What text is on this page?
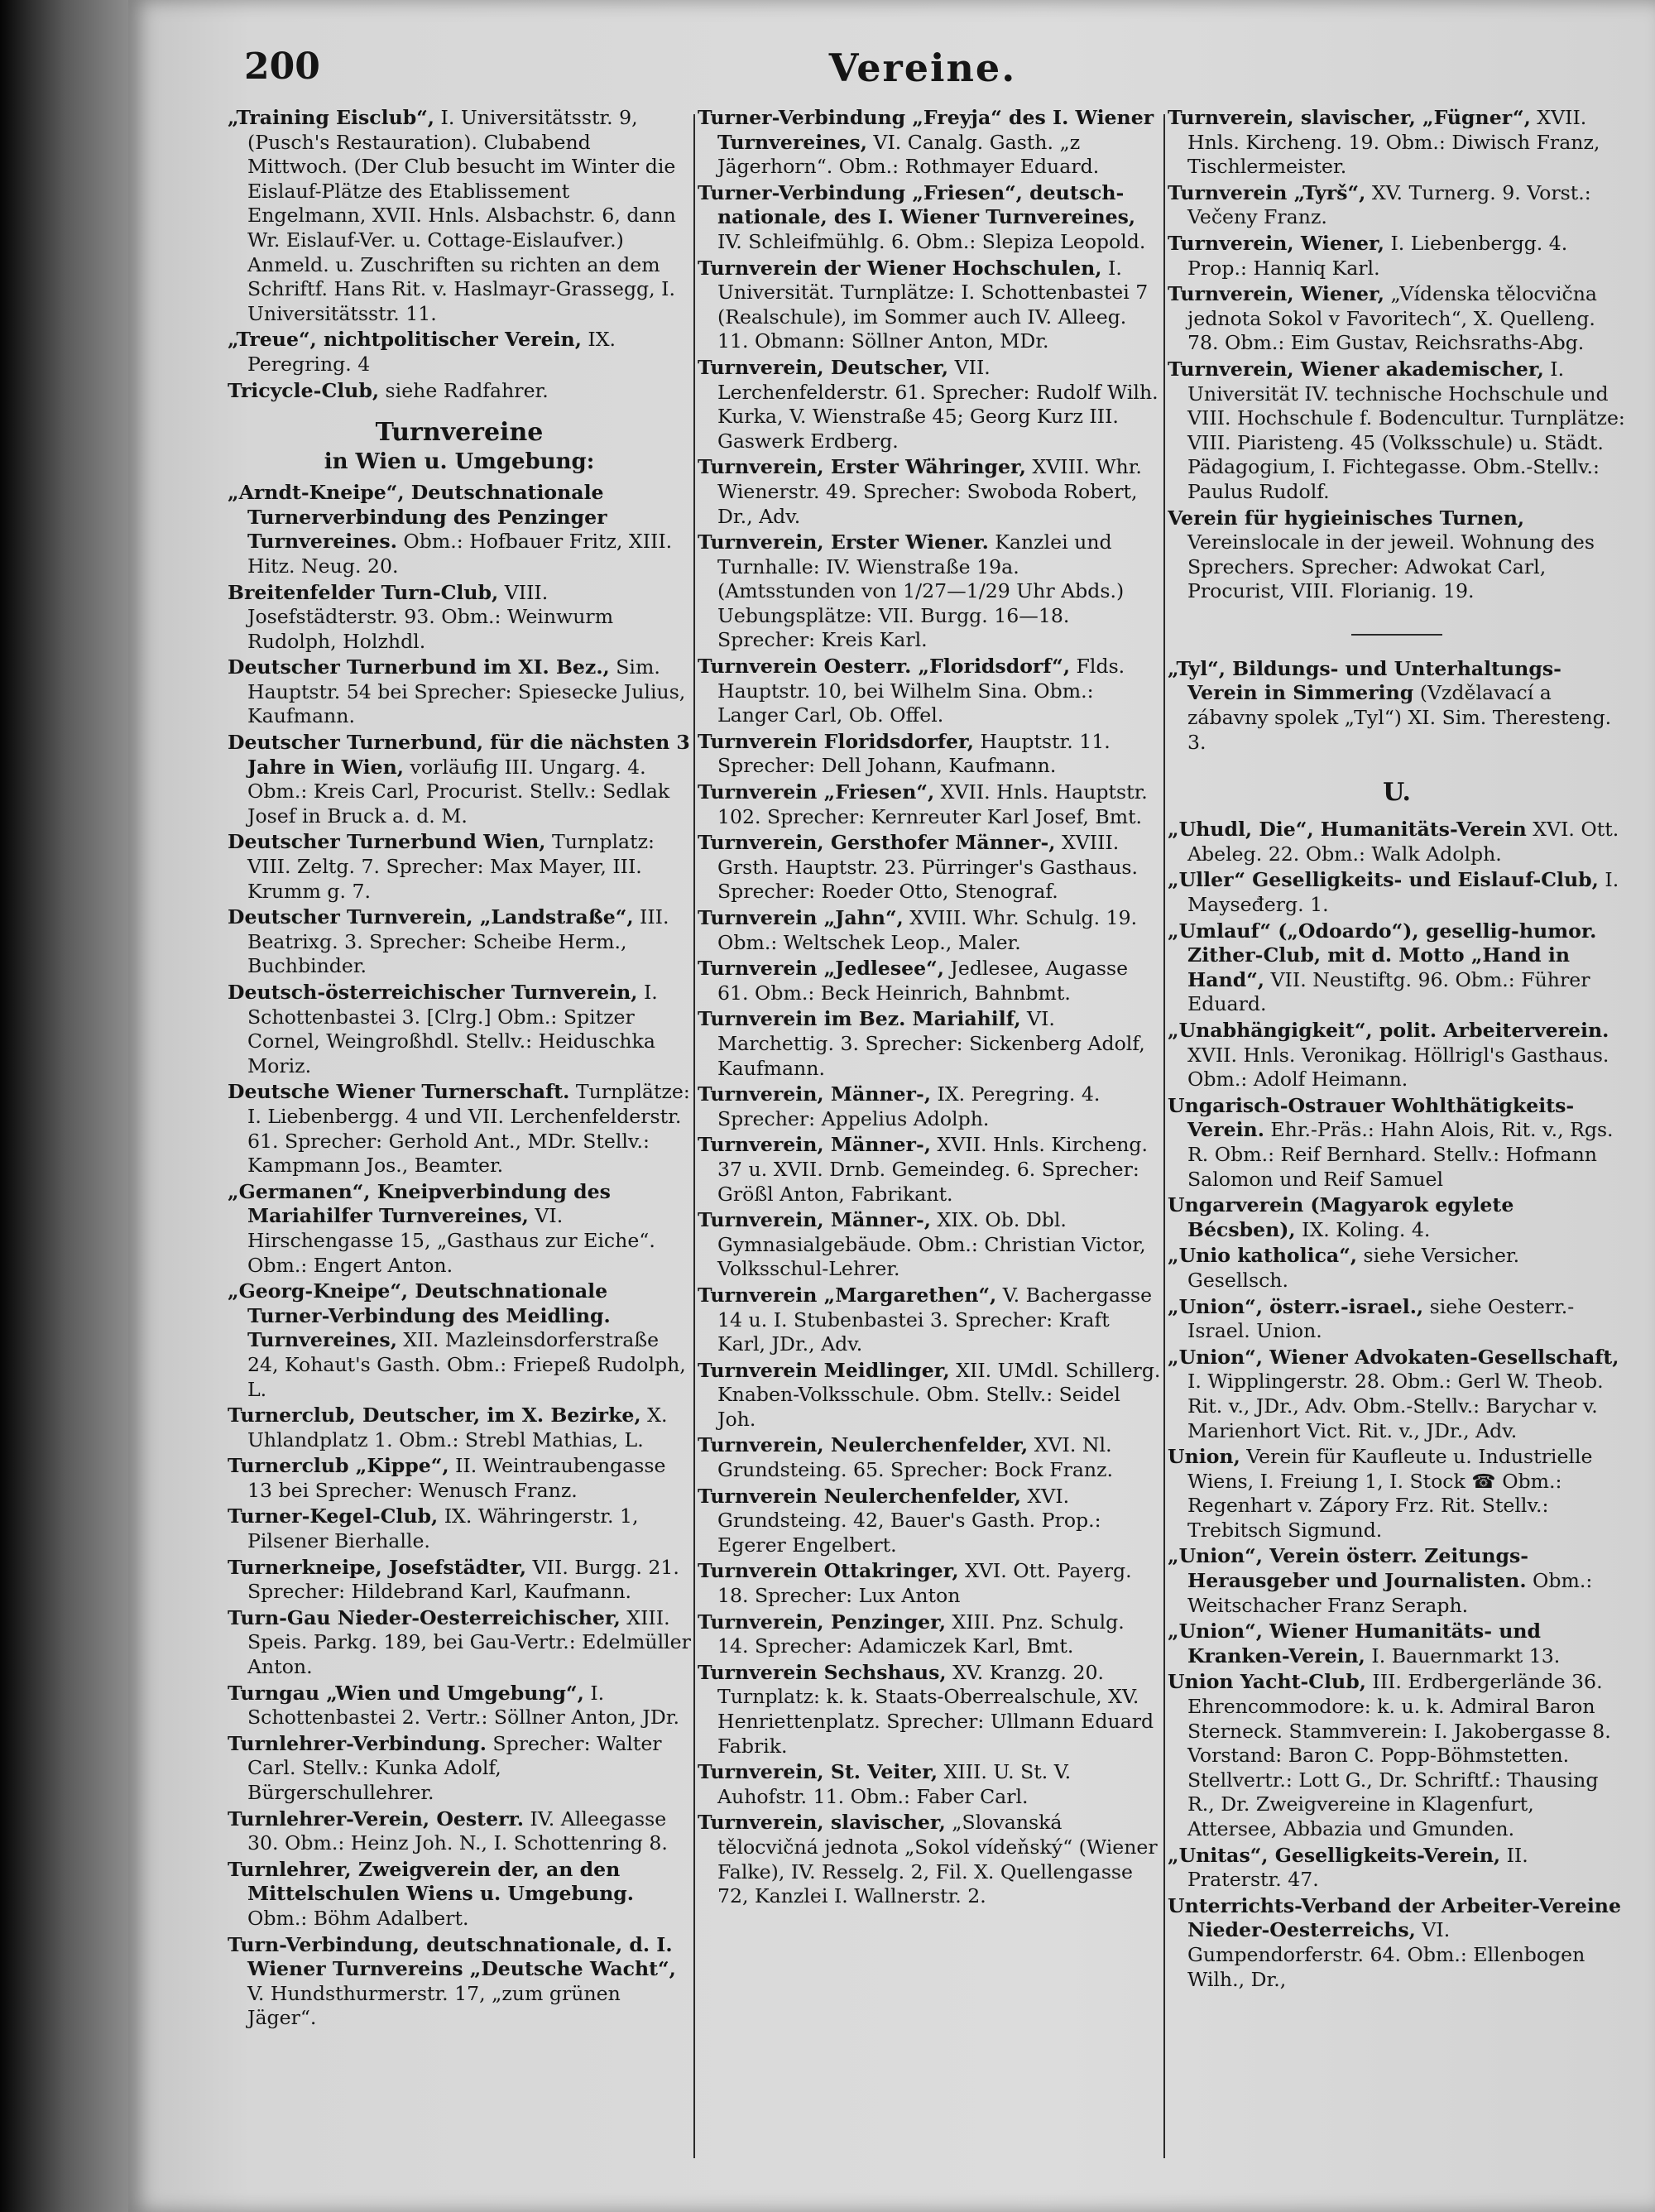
200	Vereine.
„Training Eisclub“, I. Universitätsstr. 9, (Pusch's Restauration). Clubabend Mittwoch. (Der Club besucht im Winter die Eislauf-Plätze des Etablissement Engelmann, XVII. Hnls. Alsbachstr. 6, dann Wr. Eislauf-Ver. u. Cottage-Eislaufver.) Anmeld. u. Zuschriften su richten an dem Schriftf. Hans Rit. v. Haslmayr-Grassegg, I. Universitätsstr. 11.
„Treue“, nichtpolitischer Verein, IX. Peregring. 4
Tricycle-Club, siehe Radfahrer.
Turnvereine
in Wien u. Umgebung:
„Arndt-Kneipe“, Deutschnationale Turnerverbindung des Penzinger Turnvereines. Obm.: Hofbauer Fritz, XIII. Hitz. Neug. 20.
Breitenfelder Turn-Club, VIII. Josefstädterstr. 93. Obm.: Weinwurm Rudolph, Holzhdl.
Deutscher Turnerbund im XI. Bez., Sim. Hauptstr. 54 bei Sprecher: Spiesecke Julius, Kaufmann.
Deutscher Turnerbund, für die nächsten 3 Jahre in Wien, vorläufig III. Ungarg. 4. Obm.: Kreis Carl, Procurist. Stellv.: Sedlak Josef in Bruck a. d. M.
Deutscher Turnerbund Wien, Turnplatz: VIII. Zeltg. 7. Sprecher: Max Mayer, III. Krumm g. 7.
Deutscher Turnverein, „Landstraße“, III. Beatrixg. 3. Sprecher: Scheibe Herm., Buchbinder.
Deutsch-österreichischer Turnverein, I. Schottenbastei 3. [Clrg.] Obm.: Spitzer Cornel, Weingroßhdl. Stellv.: Heiduschka Moriz.
Deutsche Wiener Turnerschaft. Turnplätze: I. Liebenbergg. 4 und VII. Lerchenfelderstr. 61. Sprecher: Gerhold Ant., MDr. Stellv.: Kampmann Jos., Beamter.
„Germanen“, Kneipverbindung des Mariahilfer Turnvereines, VI. Hirschengasse 15, „Gasthaus zur Eiche“. Obm.: Engert Anton.
„Georg-Kneipe“, Deutschnationale Turner-Verbindung des Meidling. Turnvereines, XII. Mazleinsdorferstraße 24, Kohaut's Gasth. Obm.: Friepeß Rudolph, L.
Turnerclub, Deutscher, im X. Bezirke, X. Uhlandplatz 1. Obm.: Strebl Mathias, L.
Turnerclub „Kippe“, II. Weintraubengasse 13 bei Sprecher: Wenusch Franz.
Turner-Kegel-Club, IX. Währingerstr. 1, Pilsener Bierhalle.
Turnerkneipe, Josefstädter, VII. Burgg. 21. Sprecher: Hildebrand Karl, Kaufmann.
Turn-Gau Nieder-Oesterreichischer, XIII. Speis. Parkg. 189, bei Gau-Vertr.: Edelmüller Anton.
Turngau „Wien und Umgebung“, I. Schottenbastei 2. Vertr.: Söllner Anton, JDr.
Turnlehrer-Verbindung. Sprecher: Walter Carl. Stellv.: Kunka Adolf, Bürgerschullehrer.
Turnlehrer-Verein, Oesterr. IV. Alleegasse 30. Obm.: Heinz Joh. N., I. Schottenring 8.
Turnlehrer, Zweigverein der, an den Mittelschulen Wiens u. Umgebung. Obm.: Böhm Adalbert.
Turn-Verbindung, deutschnationale, d. I. Wiener Turnvereins „Deutsche Wacht“, V. Hundsthurmerstr. 17, „zum grünen Jäger“.
Turner-Verbindung „Freyja“ des I. Wiener Turnvereines, VI. Canalg. Gasth. „z Jägerhorn“. Obm.: Rothmayer Eduard.
Turner-Verbindung „Friesen“, deutsch-nationale, des I. Wiener Turnvereines, IV. Schleifmühlg. 6. Obm.: Slepiza Leopold.
Turnverein der Wiener Hochschulen, I. Universität. Turnplätze: I. Schottenbastei 7 (Realschule), im Sommer auch IV. Alleeg. 11. Obmann: Söllner Anton, MDr.
Turnverein, Deutscher, VII. Lerchenfelderstr. 61. Sprecher: Rudolf Wilh. Kurka, V. Wienstraße 45; Georg Kurz III. Gaswerk Erdberg.
Turnverein, Erster Währinger, XVIII. Whr. Wienerstr. 49. Sprecher: Swoboda Robert, Dr., Adv.
Turnverein, Erster Wiener. Kanzlei und Turnhalle: IV. Wienstraße 19a. (Amtsstunden von 1/27—1/29 Uhr Abds.) Uebungsplätze: VII. Burgg. 16—18. Sprecher: Kreis Karl.
Turnverein Oesterr. „Floridsdorf“, Flds. Hauptstr. 10, bei Wilhelm Sina. Obm.: Langer Carl, Ob. Offel.
Turnverein Floridsdorfer, Hauptstr. 11. Sprecher: Dell Johann, Kaufmann.
Turnverein „Friesen“, XVII. Hnls. Hauptstr. 102. Sprecher: Kernreuter Karl Josef, Bmt.
Turnverein, Gersthofer Männer-, XVIII. Grsth. Hauptstr. 23. Pürringer's Gasthaus. Sprecher: Roeder Otto, Stenograf.
Turnverein „Jahn“, XVIII. Whr. Schulg. 19. Obm.: Weltschek Leop., Maler.
Turnverein „Jedlesee“, Jedlesee, Augasse 61. Obm.: Beck Heinrich, Bahnbmt.
Turnverein im Bez. Mariahilf, VI. Marchettig. 3. Sprecher: Sickenberg Adolf, Kaufmann.
Turnverein, Männer-, IX. Peregring. 4. Sprecher: Appelius Adolph.
Turnverein, Männer-, XVII. Hnls. Kircheng. 37 u. XVII. Drnb. Gemeindeg. 6. Sprecher: Größl Anton, Fabrikant.
Turnverein, Männer-, XIX. Ob. Dbl. Gymnasialgebäude. Obm.: Christian Victor, Volksschul-Lehrer.
Turnverein „Margarethen“, V. Bachergasse 14 u. I. Stubenbastei 3. Sprecher: Kraft Karl, JDr., Adv.
Turnverein Meidlinger, XII. UMdl. Schillerg. Knaben-Volksschule. Obm. Stellv.: Seidel Joh.
Turnverein, Neulerchenfelder, XVI. Nl. Grundsteing. 65. Sprecher: Bock Franz.
Turnverein Neulerchenfelder, XVI. Grundsteing. 42, Bauer's Gasth. Prop.: Egerer Engelbert.
Turnverein Ottakringer, XVI. Ott. Payerg. 18. Sprecher: Lux Anton
Turnverein, Penzinger, XIII. Pnz. Schulg. 14. Sprecher: Adamiczek Karl, Bmt.
Turnverein Sechshaus, XV. Kranzg. 20. Turnplatz: k. k. Staats-Oberrealschule, XV. Henriettenplatz. Sprecher: Ullmann Eduard Fabrik.
Turnverein, St. Veiter, XIII. U. St. V. Auhofstr. 11. Obm.: Faber Carl.
Turnverein, slavischer, „Slovanská tělocvičná jednota „Sokol vídeňský“ (Wiener Falke), IV. Resselg. 2, Fil. X. Quellengasse 72, Kanzlei I. Wallnerstr. 2.
Turnverein, slavischer, „Fügner“, XVII. Hnls. Kircheng. 19. Obm.: Diwisch Franz, Tischlermeister.
Turnverein „Tyrš“, XV. Turnerg. 9. Vorst.: Večeny Franz.
Turnverein, Wiener, I. Liebenbergg. 4. Prop.: Hanniq Karl.
Turnverein, Wiener, „Vídenska tělocvična jednota Sokol v Favoritech“, X. Quelleng. 78. Obm.: Eim Gustav, Reichsraths-Abg.
Turnverein, Wiener akademischer, I. Universität IV. technische Hochschule und VIII. Hochschule f. Bodencultur. Turnplätze: VIII. Piaristeng. 45 (Volksschule) u. Städt. Pädagogium, I. Fichtegasse. Obm.-Stellv.: Paulus Rudolf.
Verein für hygieinisches Turnen, Vereinslocale in der jeweil. Wohnung des Sprechers. Sprecher: Adwokat Carl, Procurist, VIII. Florianig. 19.
„Tyl“, Bildungs- und Unterhaltungs-Verein in Simmering (Vzdělavací a zábavny spolek „Tyl“) XI. Sim. Theresteng. 3.
U.
„Uhudl, Die“, Humanitäts-Verein XVI. Ott. Abeleg. 22. Obm.: Walk Adolph.
„Uller“ Geselligkeits- und Eislauf-Club, I. Mayseđerg. 1.
„Umlauf“ („Odoardo“), gesellig-humor. Zither-Club, mit d. Motto „Hand in Hand“, VII. Neustiftg. 96. Obm.: Führer Eduard.
„Unabhängigkeit“, polit. Arbeiterverein. XVII. Hnls. Veronikag. Höllrigl's Gasthaus. Obm.: Adolf Heimann.
Ungarisch-Ostrauer Wohlthätigkeits-Verein. Ehr.-Präs.: Hahn Alois, Rit. v., Rgs. R. Obm.: Reif Bernhard. Stellv.: Hofmann Salomon und Reif Samuel
Ungarverein (Magyarok egylete Bécsben), IX. Koling. 4.
„Unio katholica“, siehe Versicher. Gesellsch.
„Union“, österr.-israel., siehe Oesterr.-Israel. Union.
„Union“, Wiener Advokaten-Gesellschaft, I. Wipplingerstr. 28. Obm.: Gerl W. Theob. Rit. v., JDr., Adv. Obm.-Stellv.: Barychar v. Marienhort Vict. Rit. v., JDr., Adv.
Union, Verein für Kaufleute u. Industrielle Wiens, I. Freiung 1, I. Stock ☎ Obm.: Regenhart v. Zápory Frz. Rit. Stellv.: Trebitsch Sigmund.
„Union“, Verein österr. Zeitungs-Herausgeber und Journalisten. Obm.: Weitschacher Franz Seraph.
„Union“, Wiener Humanitäts- und Kranken-Verein, I. Bauernmarkt 13.
Union Yacht-Club, III. Erdbergerlände 36. Ehrencommodore: k. u. k. Admiral Baron Sterneck. Stammverein: I. Jakobergasse 8. Vorstand: Baron C. Popp-Böhmstetten. Stellvertr.: Lott G., Dr. Schriftf.: Thausing R., Dr. Zweigvereine in Klagenfurt, Attersee, Abbazia und Gmunden.
„Unitas“, Geselligkeits-Verein, II. Praterstr. 47.
Unterrichts-Verband der Arbeiter-Vereine Nieder-Oesterreichs, VI. Gumpendorferstr. 64. Obm.: Ellenbogen Wilh., Dr.,
